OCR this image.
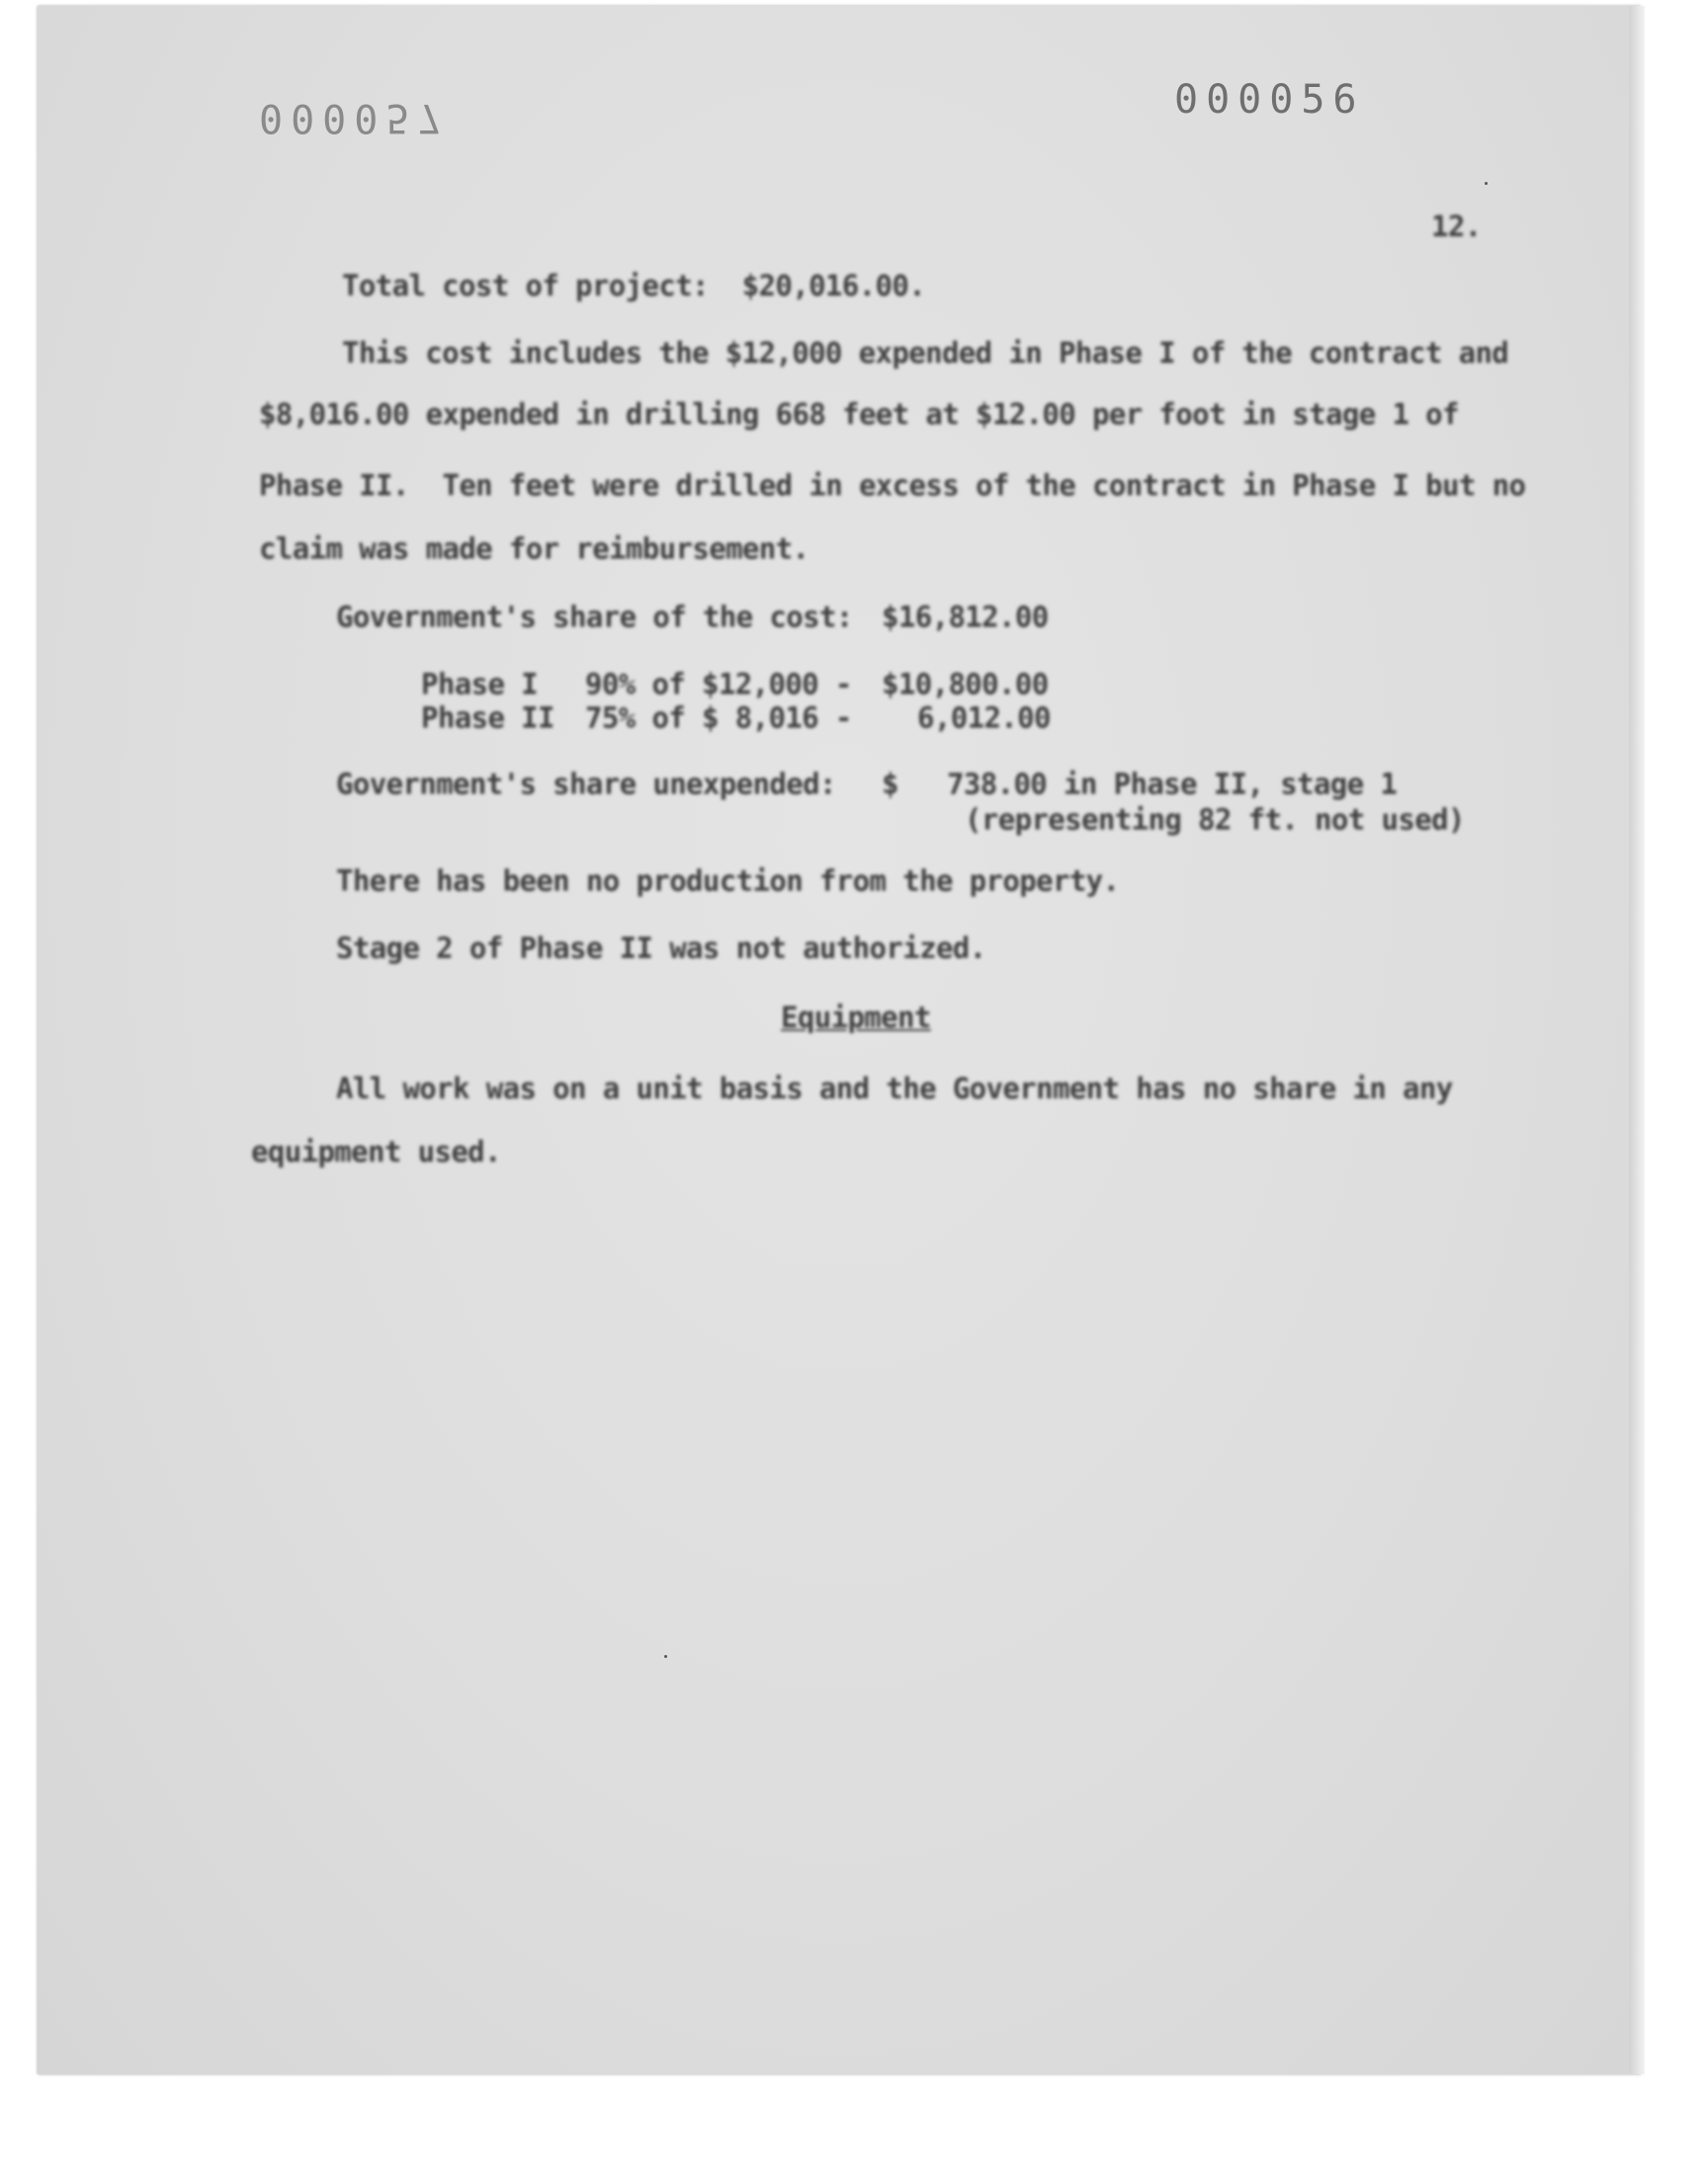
000057	000056
12.
Total cost of project:  $20,016.00.
This cost includes the $12,000 expended in Phase I of the contract and
$8,016.00 expended in drilling 668 feet at $12.00 per foot in stage 1 of
Phase II.  Ten feet were drilled in excess of the contract in Phase I but no
claim was made for reimbursement.
Government's share of the cost: $16,812.00
Phase I 90% of $12,000 - $10,800.00
Phase II 75% of $ 8,016 - 6,012.00
Government's share unexpended: $ 738.00 in Phase II, stage 1
(representing 82 ft. not used)
There has been no production from the property.
Stage 2 of Phase II was not authorized.
Equipment
All work was on a unit basis and the Government has no share in any
equipment used.
